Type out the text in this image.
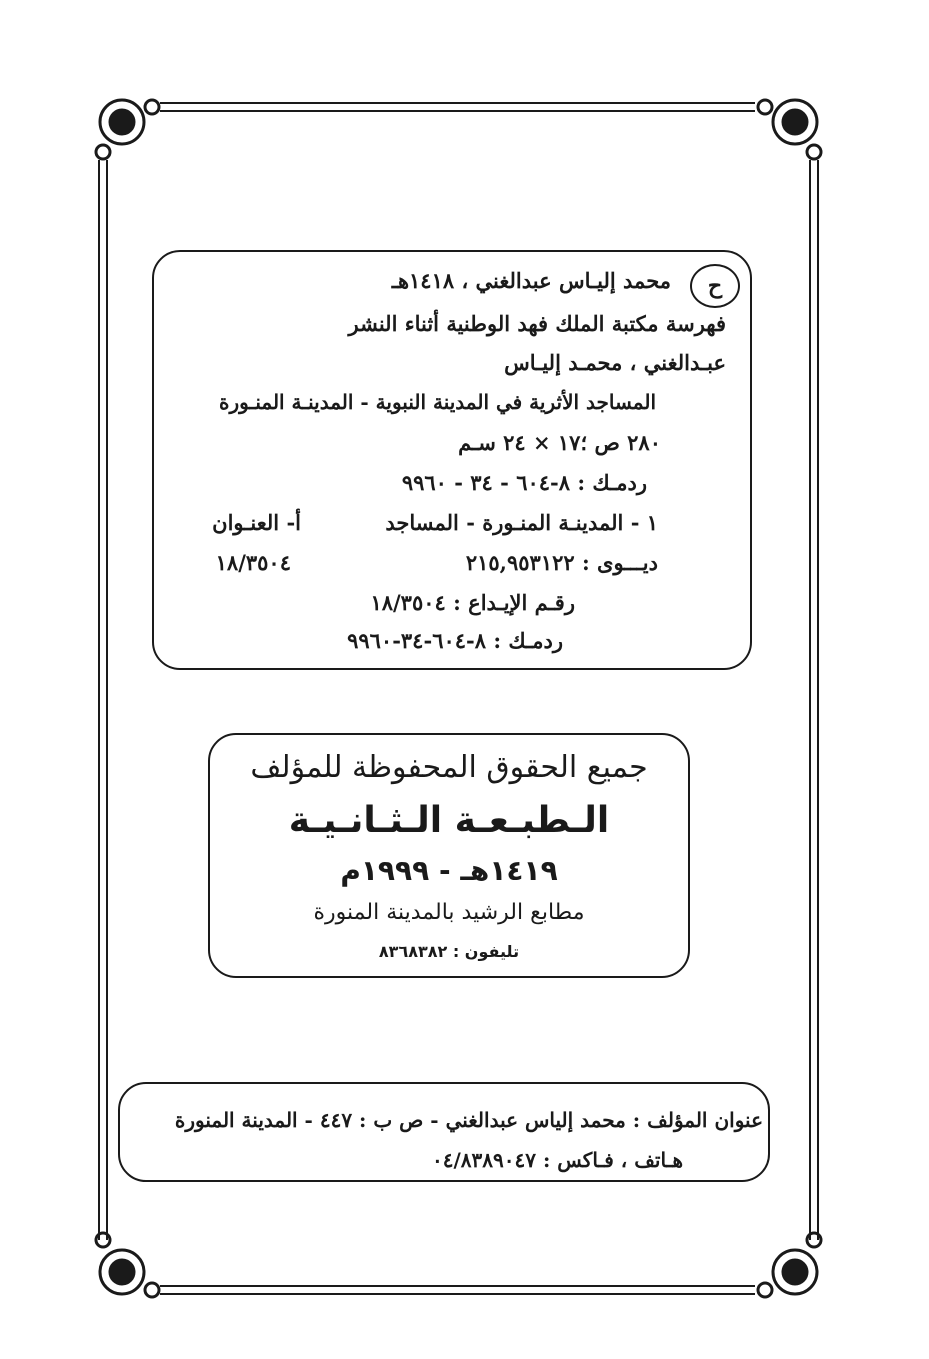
ح
محمد إليـاس عبدالغني ، ١٤١٨هـ
فهرسة مكتبة الملك فهد الوطنية أثناء النشر
عبـدالغني ، محمـد إليـاس
المساجد الأثرية في المدينة النبوية - المدينـة المنـورة
٢٨٠ ص ؛١٧ × ٢٤ سـم
ردمـك : ٨-٦٠٤ - ٣٤ - ٩٩٦٠
١ - المدينـة المنـورة - المساجد
أ- العنـوان
ديـــوى : ٢١٥,٩٥٣١٢٢
١٨/٣٥٠٤
رقـم الإيـداع : ١٨/٣٥٠٤
ردمـك : ٨-٦٠٤-٣٤-٩٩٦٠
جميع الحقوق المحفوظة للمؤلف
الـطبـعـة الـثـانـيـة
١٤١٩هـ - ١٩٩٩م
مطابع الرشيد بالمدينة المنورة
تليفون : ٨٣٦٨٣٨٢
عنوان المؤلف : محمد إلياس عبدالغني - ص ب : ٤٤٧ - المدينة المنورة
هـاتف ، فـاكس : ٠٤/٨٣٨٩٠٤٧
